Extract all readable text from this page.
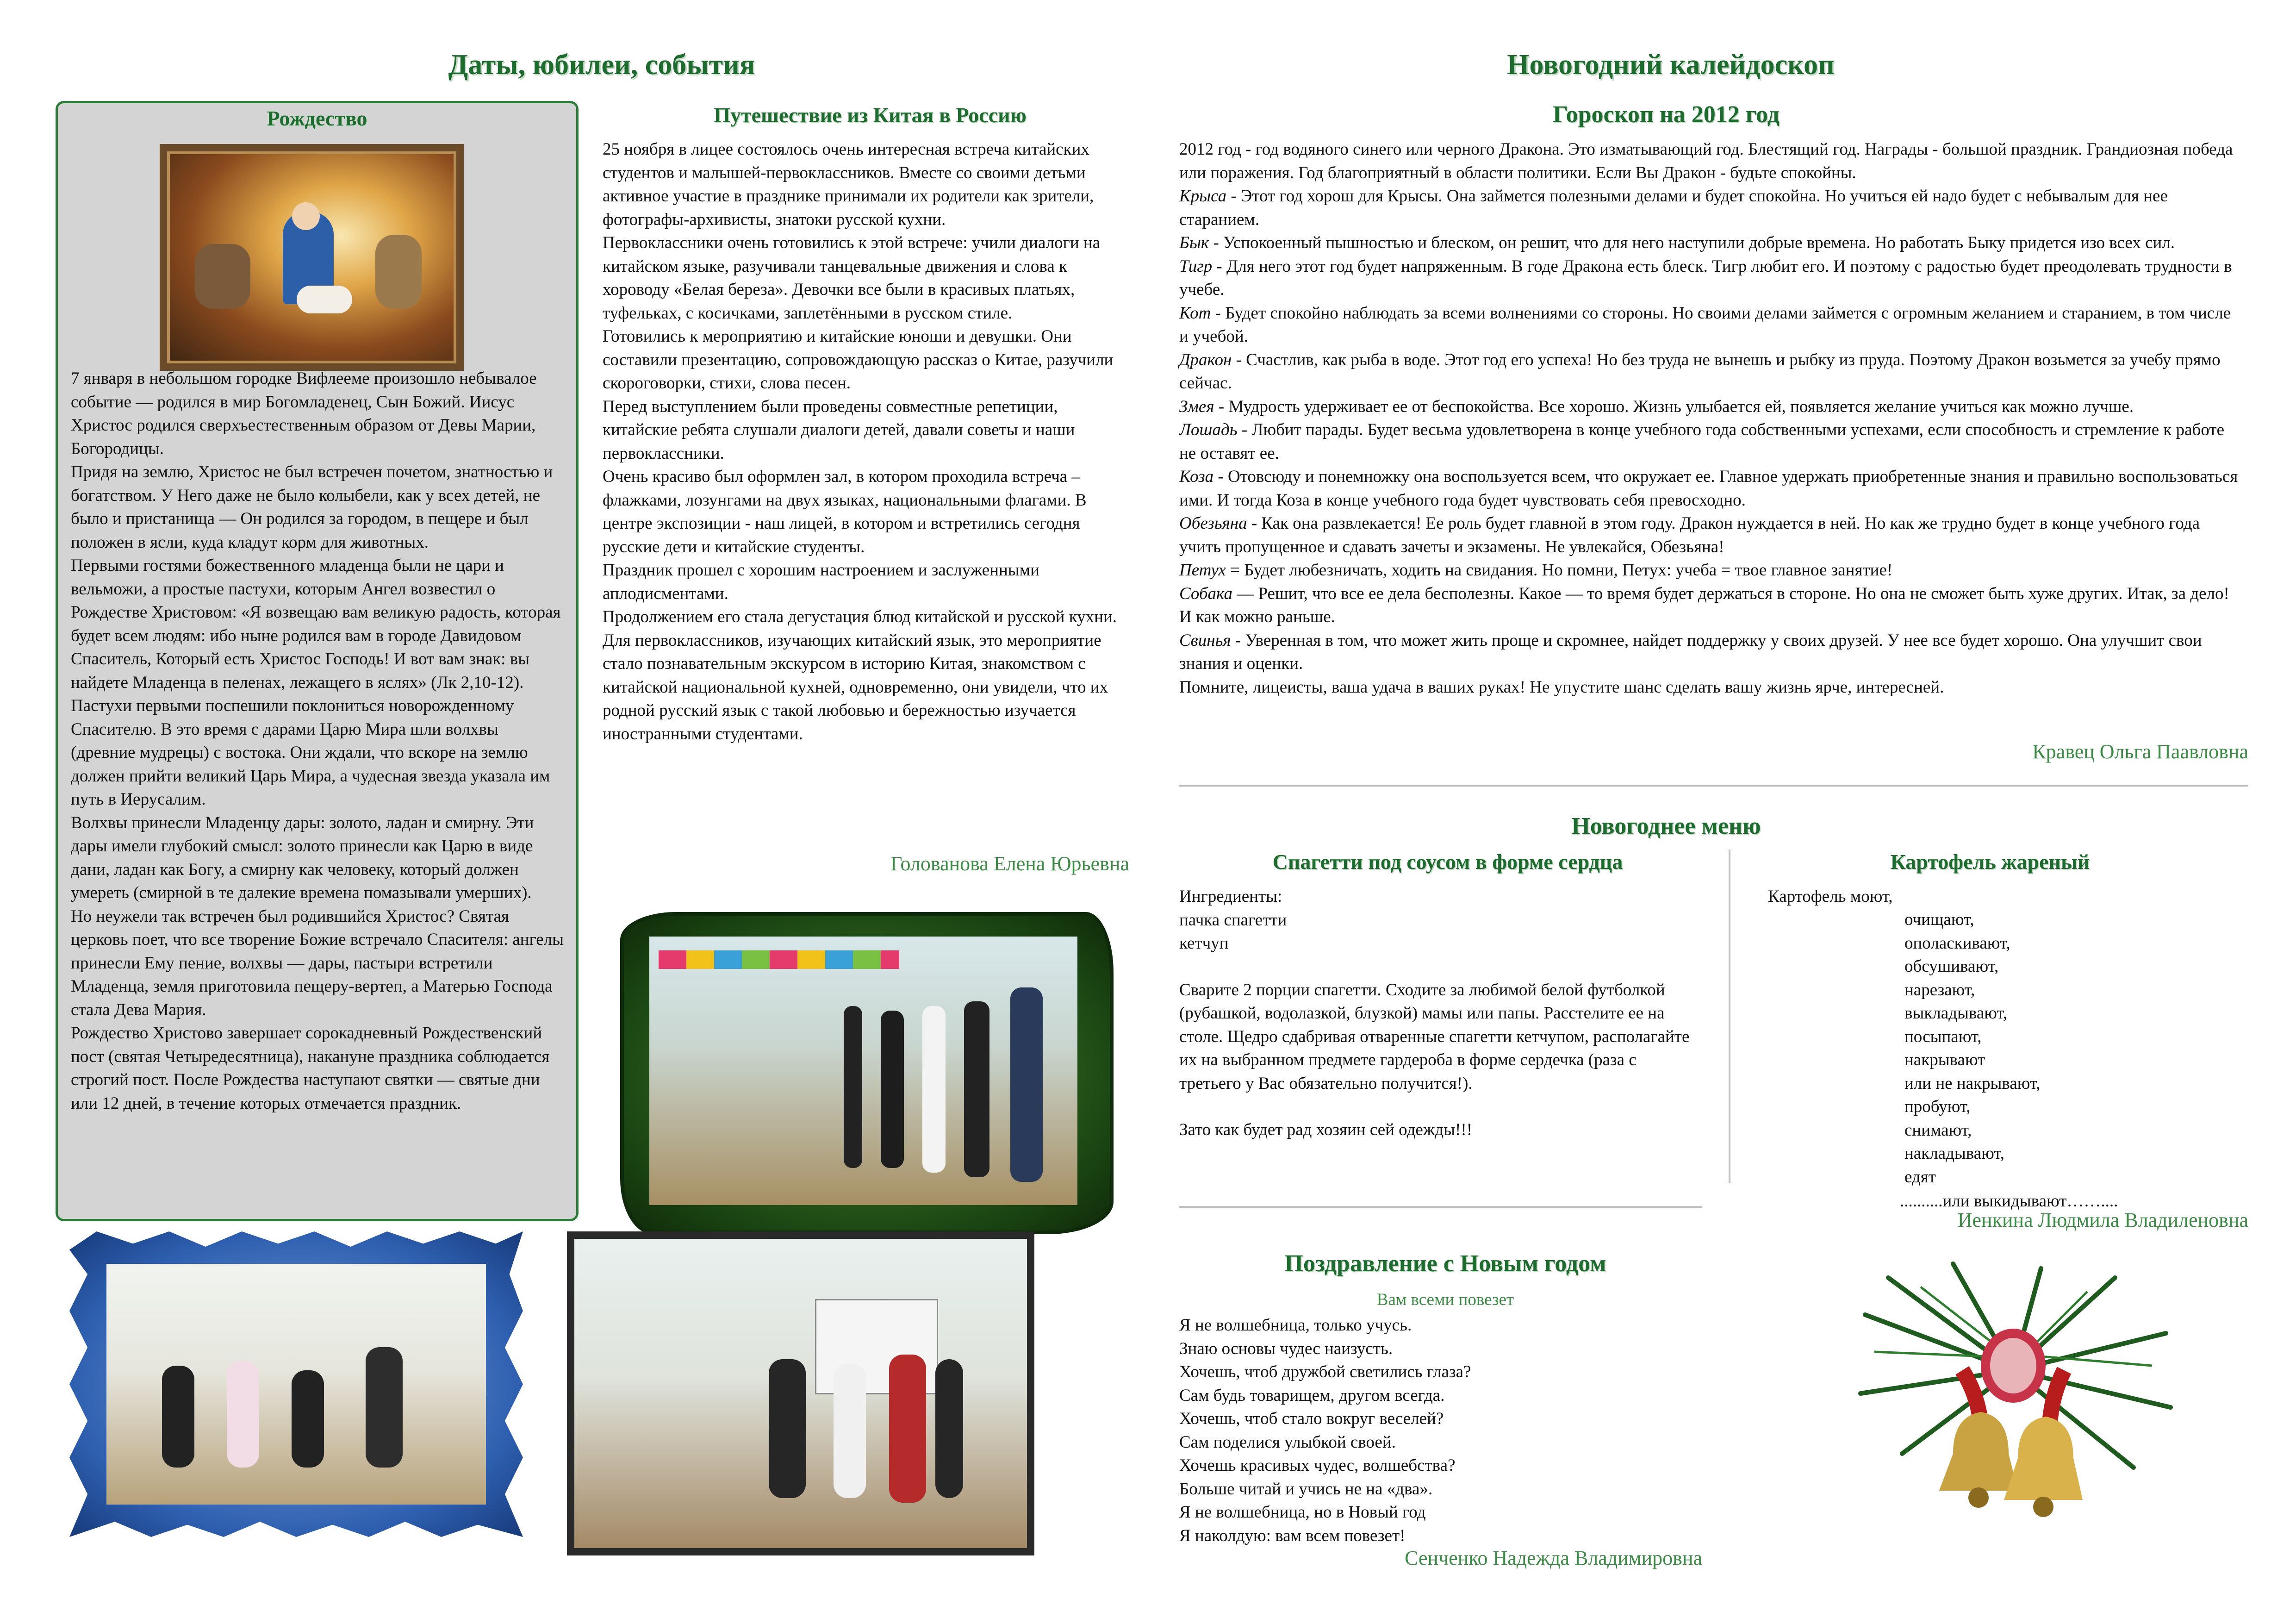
Даты, юбилеи, события
Рождество

7 января в небольшом городке Вифлееме произошло небывалое событие — родился в мир Богомладенец, Сын Божий. Иисус Христос родился сверхъестественным образом от Девы Марии, Богородицы.

Придя на землю, Христос не был встречен почетом, знатностью и богатством. У Него даже не было колыбели, как у всех детей, не было и пристанища — Он родился за городом, в пещере и был положен в ясли, куда кладут корм для животных.

Первыми гостями божественного младенца были не цари и вельможи, а простые пастухи, которым Ангел возвестил о Рождестве Христовом: «Я возвещаю вам великую радость, которая будет всем людям: ибо ныне родился вам в городе Давидовом Спаситель, Который есть Христос Господь! И вот вам знак: вы найдете Младенца в пеленах, лежащего в яслях» (Лк 2,10-12).

Пастухи первыми поспешили поклониться новорожденному Спасителю. В это время с дарами Царю Мира шли волхвы (древние мудрецы) с востока. Они ждали, что вскоре на землю должен прийти великий Царь Мира, а чудесная звезда указала им путь в Иерусалим.

Волхвы принесли Младенцу дары: золото, ладан и смирну. Эти дары имели глубокий смысл: золото принесли как Царю в виде дани, ладан как Богу, а смирну как человеку, который должен умереть (смирной в те далекие времена помазывали умерших).

Но неужели так встречен был родившийся Христос? Святая церковь поет, что все творение Божие встречало Спасителя: ангелы принесли Ему пение, волхвы — дары, пастыри встретили Младенца, земля приготовила пещеру-вертеп, а Матерью Господа стала Дева Мария.

Рождество Христово завершает сорокадневный Рождественский пост (святая Четыредесятница), накануне праздника соблюдается строгий пост. После Рождества наступают святки — святые дни или 12 дней, в течение которых отмечается праздник.

Путешествие из Китая в Россию

25 ноября в лицее состоялось очень интересная встреча китайских студентов и малышей-первоклассников. Вместе со своими детьми активное участие в празднике принимали их родители как зрители, фотографы-архивисты, знатоки русской кухни.

Первоклассники очень готовились к этой встрече: учили диалоги на китайском языке, разучивали танцевальные движения и слова к хороводу «Белая береза». Девочки все были в красивых платьях, туфельках, с косичками, заплетёнными в русском стиле.

Готовились к мероприятию и китайские юноши и девушки. Они составили презентацию, сопровождающую рассказ о Китае, разучили скороговорки, стихи, слова песен.

Перед выступлением были проведены совместные репетиции, китайские ребята слушали диалоги детей, давали советы и наши первоклассники.

Очень красиво был оформлен зал, в котором проходила встреча – флажками, лозунгами на двух языках, национальными флагами. В центре экспозиции - наш лицей, в котором и встретились сегодня русские дети и китайские студенты.

Праздник прошел с хорошим настроением и заслуженными аплодисментами.

Продолжением его стала дегустация блюд китайской и русской кухни.

Для первоклассников, изучающих китайский язык, это мероприятие стало познавательным экскурсом в историю Китая, знакомством с китайской национальной кухней, одновременно, они увидели, что их родной русский язык с такой любовью и бережностью изучается иностранными студентами.

Голованова Елена Юрьевна
Новогодний калейдоскоп
Гороскоп на 2012 год

2012 год - год водяного синего или черного Дракона. Это изматывающий год. Блестящий год. Награды - большой праздник. Грандиозная победа или поражения. Год благоприятный в области политики. Если Вы Дракон - будьте спокойны.

Крыса - Этот год хорош для Крысы. Она займется полезными делами и будет спокойна. Но учиться ей надо будет с небывалым для нее старанием.

Бык - Успокоенный пышностью и блеском, он решит, что для него наступили добрые времена. Но работать Быку придется изо всех сил.

Тигр - Для него этот год будет напряженным. В годе Дракона есть блеск. Тигр любит его. И поэтому с радостью будет преодолевать трудности в учебе.

Кот - Будет спокойно наблюдать за всеми волнениями со стороны. Но своими делами займется с огромным желанием и старанием, в том числе и учебой.

Дракон - Счастлив, как рыба в воде. Этот год его успеха! Но без труда не вынешь и рыбку из пруда. Поэтому Дракон возьмется за учебу прямо сейчас.

Змея - Мудрость удерживает ее от беспокойства. Все хорошо. Жизнь улыбается ей, появляется желание учиться как можно лучше.

Лошадь - Любит парады. Будет весьма удовлетворена в конце учебного года собственными успехами, если способность и стремление к работе не оставят ее.

Коза - Отовсюду и понемножку она воспользуется всем, что окружает ее. Главное удержать приобретенные знания и правильно воспользоваться ими. И тогда Коза в конце учебного года будет чувствовать себя превосходно.

Обезьяна - Как она развлекается! Ее роль будет главной в этом году. Дракон нуждается в ней. Но как же трудно будет в конце учебного года учить пропущенное и сдавать зачеты и экзамены. Не увлекайся, Обезьяна!

Петух = Будет любезничать, ходить на свидания. Но помни, Петух: учеба = твое главное занятие!

Собака — Решит, что все ее дела бесполезны. Какое — то время будет держаться в стороне. Но она не сможет быть хуже других. Итак, за дело! И как можно раньше.

Свинья - Уверенная в том, что может жить проще и скромнее, найдет поддержку у своих друзей. У нее все будет хорошо. Она улучшит свои знания и оценки.

Помните, лицеисты, ваша удача в ваших руках! Не упустите шанс сделать вашу жизнь ярче, интересней.

Кравец Ольга Паавловна
Новогоднее меню
Спагетти под соусом в форме сердца

Ингредиенты:

пачка спагетти

кетчуп

Сварите 2 порции спагетти. Сходите за любимой белой футболкой (рубашкой, водолазкой, блузкой) мамы или папы. Расстелите ее на столе. Щедро сдабривая отваренные спагетти кетчупом, располагайте их на выбранном предмете гардероба в форме сердечка (раза с третьего у Вас обязательно получится!).

Зато как будет рад хозяин сей одежды!!!

Картофель жареный
Картофель моют,

очищают,

ополаскивают,

обсушивают,

нарезают,

выкладывают,

посыпают,

накрывают

или не накрывают,

пробуют,

снимают,

накладывают,

едят

..........или выкидывают……....
Иенкина Людмила Владиленовна
Поздравление с Новым годом
Вам всеми повезет

Я не волшебница, только учусь.

Знаю основы чудес наизусть.

Хочешь, чтоб дружбой светились глаза?

Сам будь товарищем, другом всегда.

Хочешь, чтоб стало вокруг веселей?

Сам поделися улыбкой своей.

Хочешь красивых чудес, волшебства?

Больше читай и учись не на «два».

Я не волшебница, но в Новый год

Я наколдую: вам всем повезет!

Сенченко Надежда Владимировна
